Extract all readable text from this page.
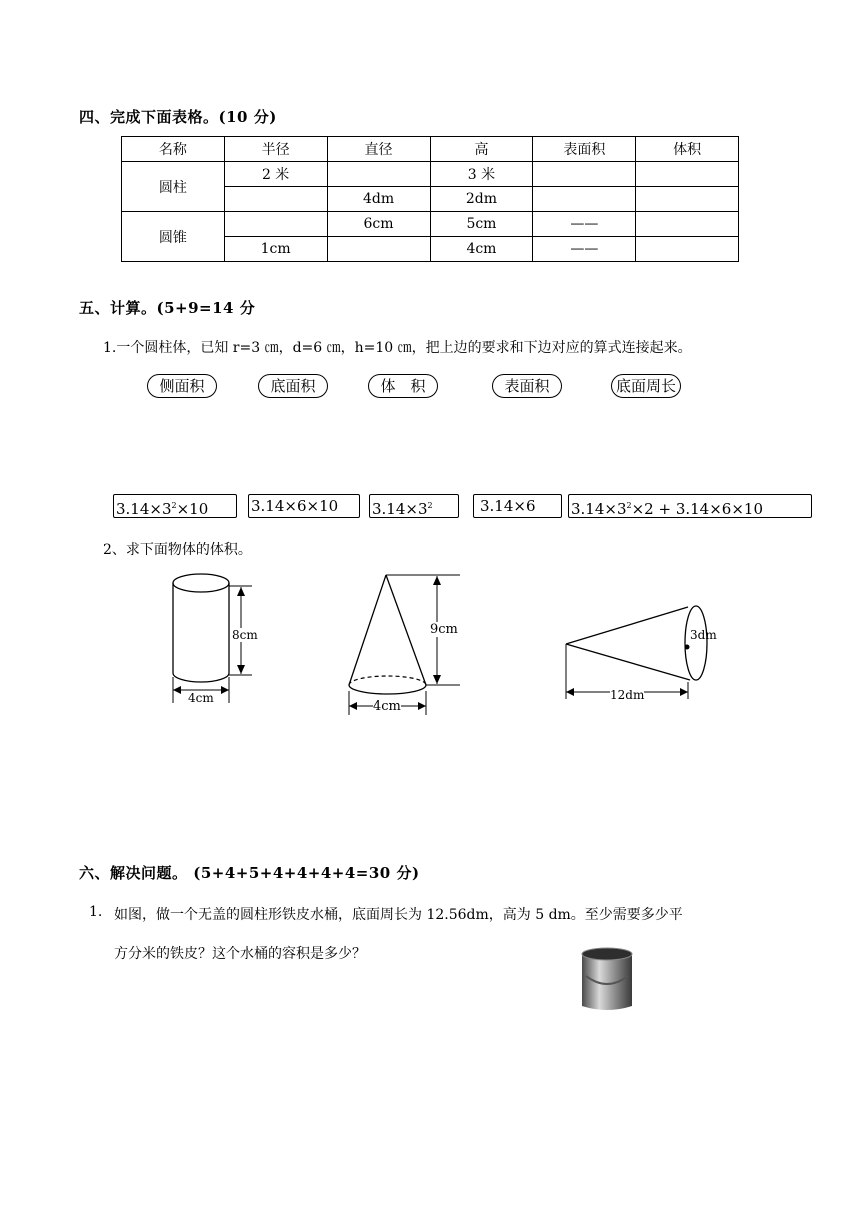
四、完成下面表格。(10 分)
名称	半径	直径	高	表面积	体积
圆柱	2 米		3 米		
		4dm	2dm		
圆锥		6cm	5cm	——	
	1cm		4cm	——	
五、计算。(5+9=14 分
1.一个圆柱体，已知 r=3 ㎝，d=6 ㎝，h=10 ㎝，把上边的要求和下边对应的算式连接起来。
侧面积	底面积	体　积	表面积	底面周长
$3.14\times 3^2\times 10$	3.14×6×10	$3.14\times 3^2$	3.14×6	$3.14\times 3^2\times 2 + 3.14\times 6\times 10$
2、求下面物体的体积。
8cm
4cm
9cm
4cm
3dm
12dm
六、解决问题。 (5+4+5+4+4+4+4=30 分)
1. 如图，做一个无盖的圆柱形铁皮水桶，底面周长为 12.56dm，高为 5 dm。至少需要多少平
方分米的铁皮？这个水桶的容积是多少？
